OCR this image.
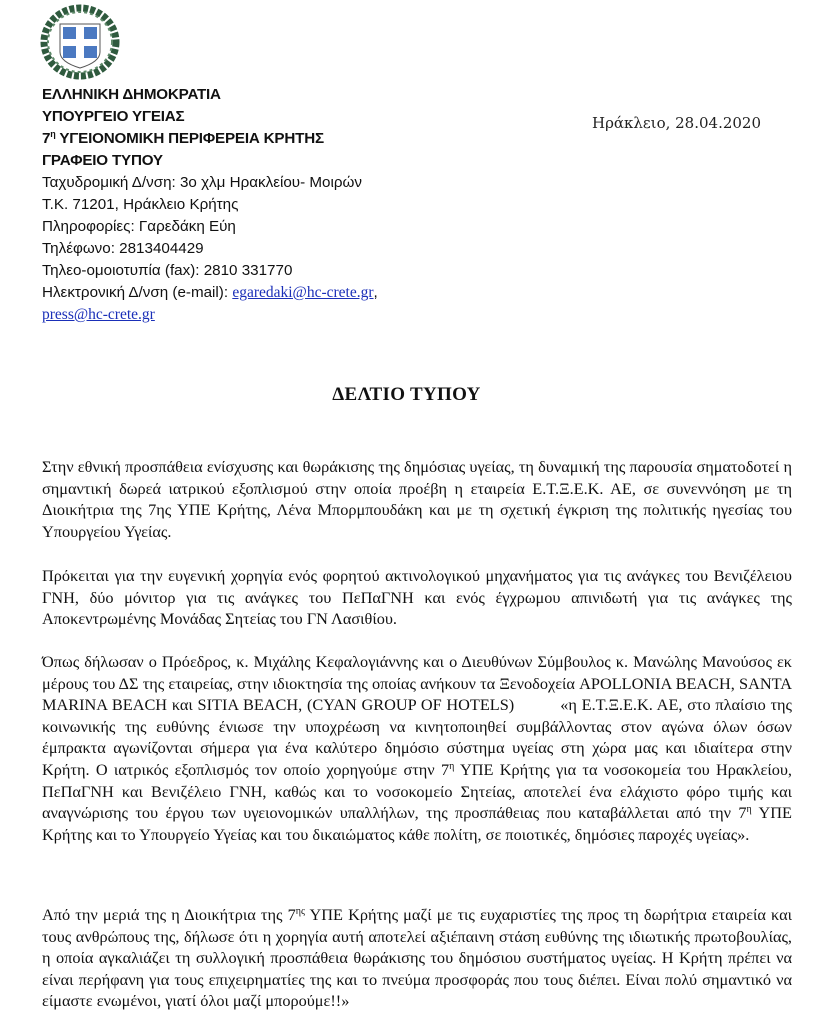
ΕΛΛΗΝΙΚΗ ΔΗΜΟΚΡΑΤΙΑ
ΥΠΟΥΡΓΕΙΟ ΥΓΕΙΑΣ
$7^\eta$ ΥΓΕΙΟΝΟΜΙΚΗ ΠΕΡΙΦΕΡΕΙΑ ΚΡΗΤΗΣ
ΓΡΑΦΕΙΟ ΤΥΠΟΥ
Ταχυδρομική Δ/νση: 3ο χλμ Ηρακλείου- Μοιρών
Τ.Κ. 71201, Ηράκλειο Κρήτης
Πληροφορίες: Γαρεδάκη Εύη
Τηλέφωνο: 2813404429
Τηλεο-ομοιοτυπία (fax): 2810 331770
Ηλεκτρονική Δ/νση (e-mail): egaredaki@hc-crete.gr,
press@hc-crete.gr
Ηράκλειο, 28.04.2020
ΔΕΛΤΙΟ ΤΥΠΟΥ
Στην εθνική προσπάθεια ενίσχυσης και θωράκισης της δημόσιας υγείας, τη δυναμική της παρουσία σηματοδοτεί η σημαντική δωρεά ιατρικού εξοπλισμού στην οποία προέβη η εταιρεία Ε.Τ.Ξ.Ε.Κ. ΑΕ, σε συνεννόηση με τη Διοικήτρια της 7ης ΥΠΕ Κρήτης, Λένα Μπορμπουδάκη και με τη σχετική έγκριση της πολιτικής ηγεσίας του Υπουργείου Υγείας.
Πρόκειται για την ευγενική χορηγία ενός φορητού ακτινολογικού μηχανήματος για τις ανάγκες του Βενιζέλειου ΓΝΗ, δύο μόνιτορ για τις ανάγκες του ΠεΠαΓΝΗ και ενός έγχρωμου απινιδωτή για τις ανάγκες της Αποκεντρωμένης Μονάδας Σητείας του ΓΝ Λασιθίου.
Όπως δήλωσαν ο Πρόεδρος, κ. Μιχάλης Κεφαλογιάννης και ο Διευθύνων Σύμβουλος κ. Μανώλης Μανούσος εκ μέρους του ΔΣ της εταιρείας, στην ιδιοκτησία της οποίας ανήκουν τα Ξενοδοχεία APOLLONIA BEACH, SANTA MARINA BEACH και SITIA BEACH, (CYAN GROUP OF HOTELS)	«η Ε.Τ.Ξ.Ε.Κ. ΑΕ, στο πλαίσιο της κοινωνικής της ευθύνης ένιωσε την υποχρέωση να κινητοποιηθεί συμβάλλοντας στον αγώνα όλων όσων έμπρακτα αγωνίζονται σήμερα για ένα καλύτερο δημόσιο σύστημα υγείας στη χώρα μας και ιδιαίτερα στην Κρήτη. Ο ιατρικός εξοπλισμός τον οποίο χορηγούμε στην $7^\eta$ ΥΠΕ Κρήτης για τα νοσοκομεία του Ηρακλείου, ΠεΠαΓΝΗ και Βενιζέλειο ΓΝΗ, καθώς και το νοσοκομείο Σητείας, αποτελεί ένα ελάχιστο φόρο τιμής και αναγνώρισης του έργου των υγειονομικών υπαλλήλων, της προσπάθειας που καταβάλλεται από την $7^\eta$ ΥΠΕ Κρήτης και το Υπουργείο Υγείας και του δικαιώματος κάθε πολίτη, σε ποιοτικές, δημόσιες παροχές υγείας».
Από την μεριά της η Διοικήτρια της $7^{\eta\varsigma}$ ΥΠΕ Κρήτης μαζί με τις ευχαριστίες της προς τη δωρήτρια εταιρεία και τους ανθρώπους της, δήλωσε ότι η χορηγία αυτή αποτελεί αξιέπαινη στάση ευθύνης της ιδιωτικής πρωτοβουλίας, η οποία αγκαλιάζει τη συλλογική προσπάθεια θωράκισης του δημόσιου συστήματος υγείας. Η Κρήτη πρέπει να είναι περήφανη για τους επιχειρηματίες της και το πνεύμα προσφοράς που τους διέπει. Είναι πολύ σημαντικό να είμαστε ενωμένοι, γιατί όλοι μαζί μπορούμε!!»
